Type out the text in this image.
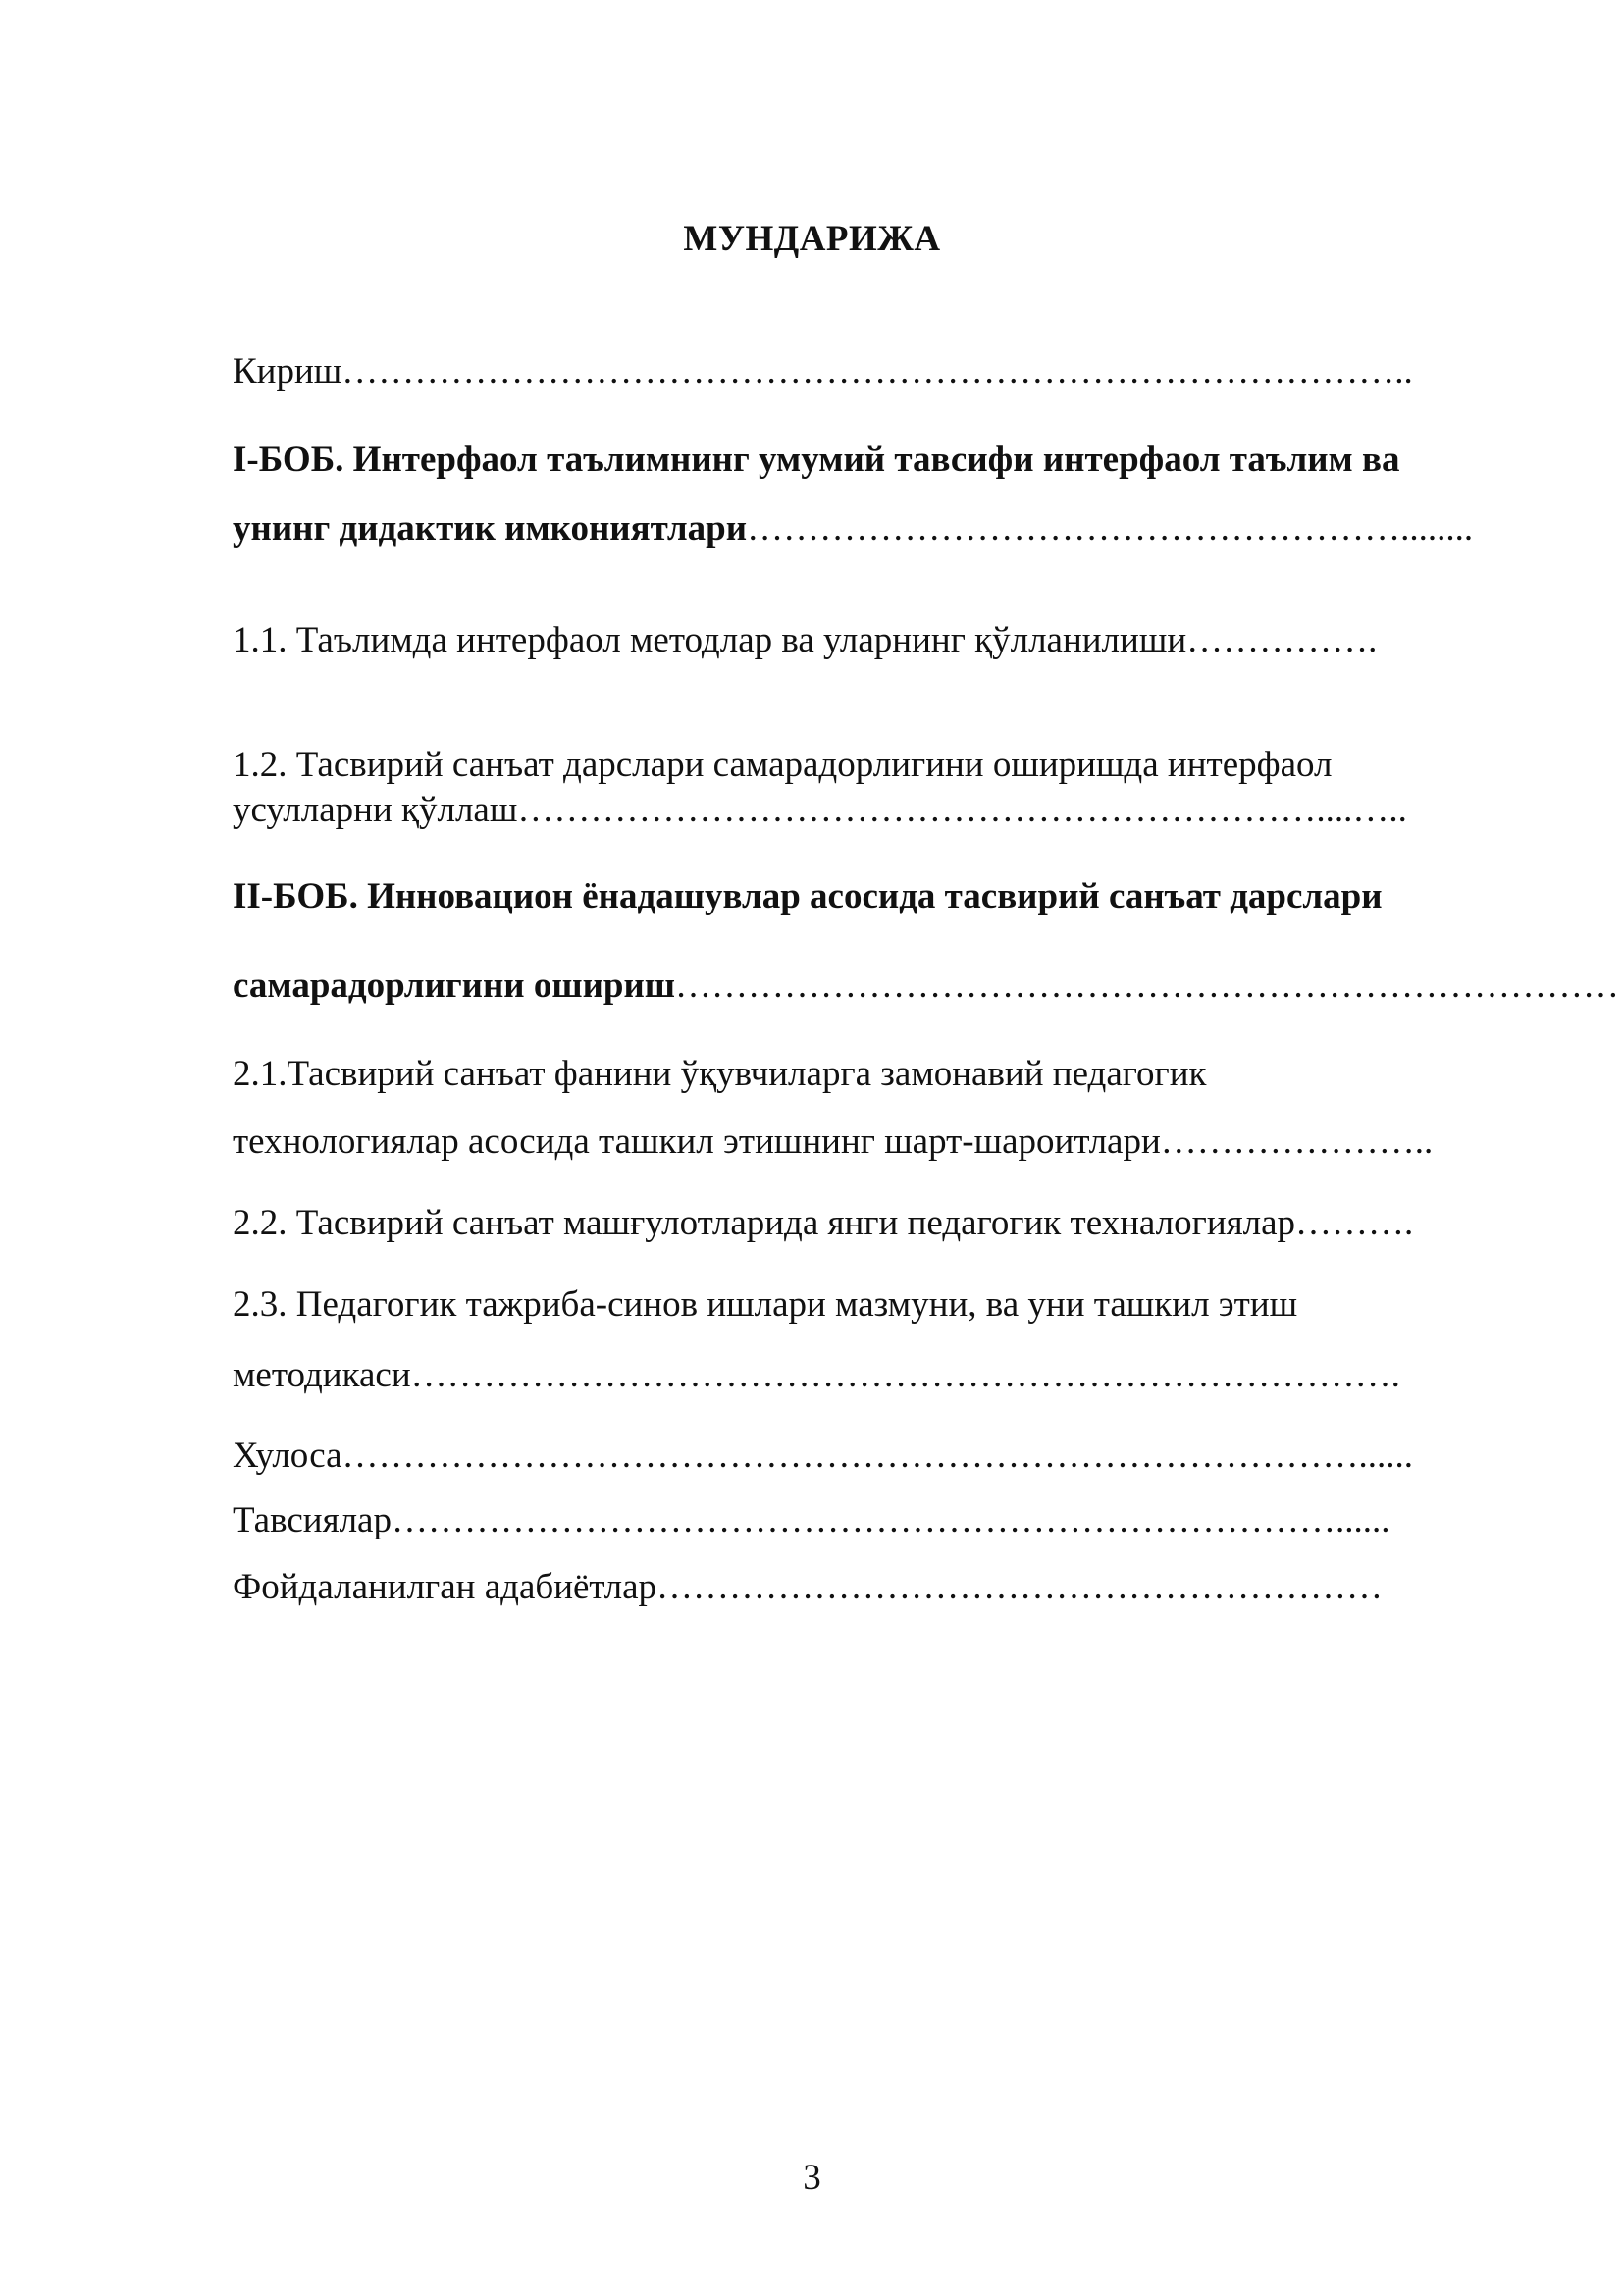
МУНДАРИЖА
Кириш……………………………………………………………………………..
I-БОБ. Интерфаол таълимнинг умумий тавсифи интерфаол таълим ва
унинг дидактик имкониятлари………………………………………………........
1.1. Таълимда интерфаол методлар ва уларнинг қўлланилиши…………….
1.2. Тасвирий санъат дарслари самарадорлигини оширишда интерфаол
усулларни қўллаш…………………………………………………………....…..
II-БОБ. Инновацион ёнадашувлар асосида тасвирий санъат дарслари
самарадорлигини ошириш……………………………………………………………………
2.1.Тасвирий санъат фанини ўқувчиларга замонавий педагогик
технологиялар асосида ташкил этишнинг шарт-шароитлари…………………..
2.2. Тасвирий санъат машғулотларида янги педагогик техналогиялар……….
2.3. Педагогик тажриба-синов ишлари мазмуни, ва уни ташкил этиш
методикаси……………………………………………………………………….
Хулоса…………………………………………………………………………......
Тавсиялар……………………………………………………………………......
Фойдаланилган адабиётлар……………………………………………………
3
